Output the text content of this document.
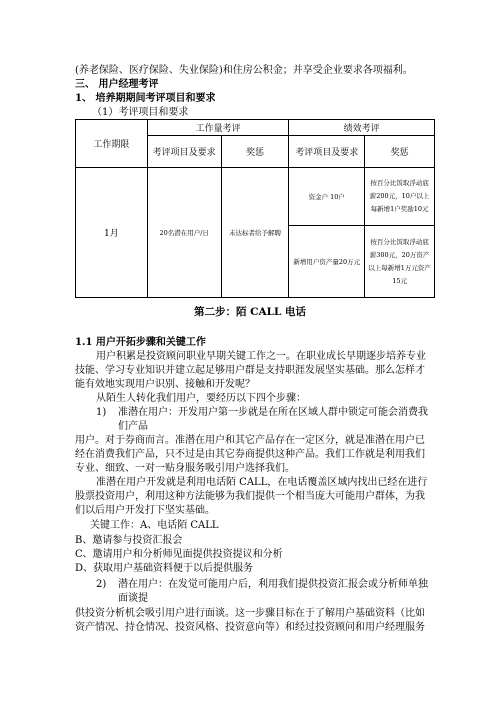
(养老保险、医疗保险、失业保险)和住房公积金；并享受企业要求各项福利。
三、 用户经理考评
1、 培养期期间考评项目和要求
（1）考评项目和要求
工作期限	工作量考评		绩效考评	
	考评项目及要求	奖惩	考评项目及要求	奖惩
1月	20名潜在用户/日	未达标者给予解聘	资金户 10户	按百分比饭取浮动底薪200元，10户以上每新增1户奖励10元
			新增用户资产量20万元	按百分比饭取浮动底薪300元，20万资产以上每新增1万元资产15元
第二步：陌 CALL 电话
1.1 用户开拓步骤和关键工作
用户积累是投资顾问职业早期关键工作之一。在职业成长早期逐步培养专业
技能、学习专业知识并建立起足够用户群是支持职涯发展坚实基础。那么怎样才
能有效地实现用户识别、接触和开发呢？
从陌生人转化我们用户，要经历以下四个步骤：
1) 准潜在用户：开发用户第一步就是在所在区域人群中锁定可能会消费我
们产品
用户。对于券商而言。准潜在用户和其它产品存在一定区分，就是准潜在用户已
经在消费我们产品，只不过是由其它券商提供这种产品。我们工作就是利用我们
专业、细致、一对一贴身服务吸引用户选择我们。
准潜在用户开发就是利用电话陌 CALL，在电话覆盖区域内找出已经在进行
股票投资用户，利用这种方法能够为我们提供一个相当庞大可能用户群体，为我
们以后用户开发打下坚实基础。
关键工作：A、电话陌 CALL
B、邀请参与投资汇报会
C、邀请用户和分析师见面提供投资提议和分析
D、获取用户基础资料便于以后提供服务
2) 潜在用户：在发觉可能用户后，利用我们提供投资汇报会或分析师单独
面谈提
供投资分析机会吸引用户进行面谈。这一步骤目标在于了解用户基础资料（比如
资产情况、持仓情况、投资风格、投资意向等）和经过投资顾问和用户经理服务
